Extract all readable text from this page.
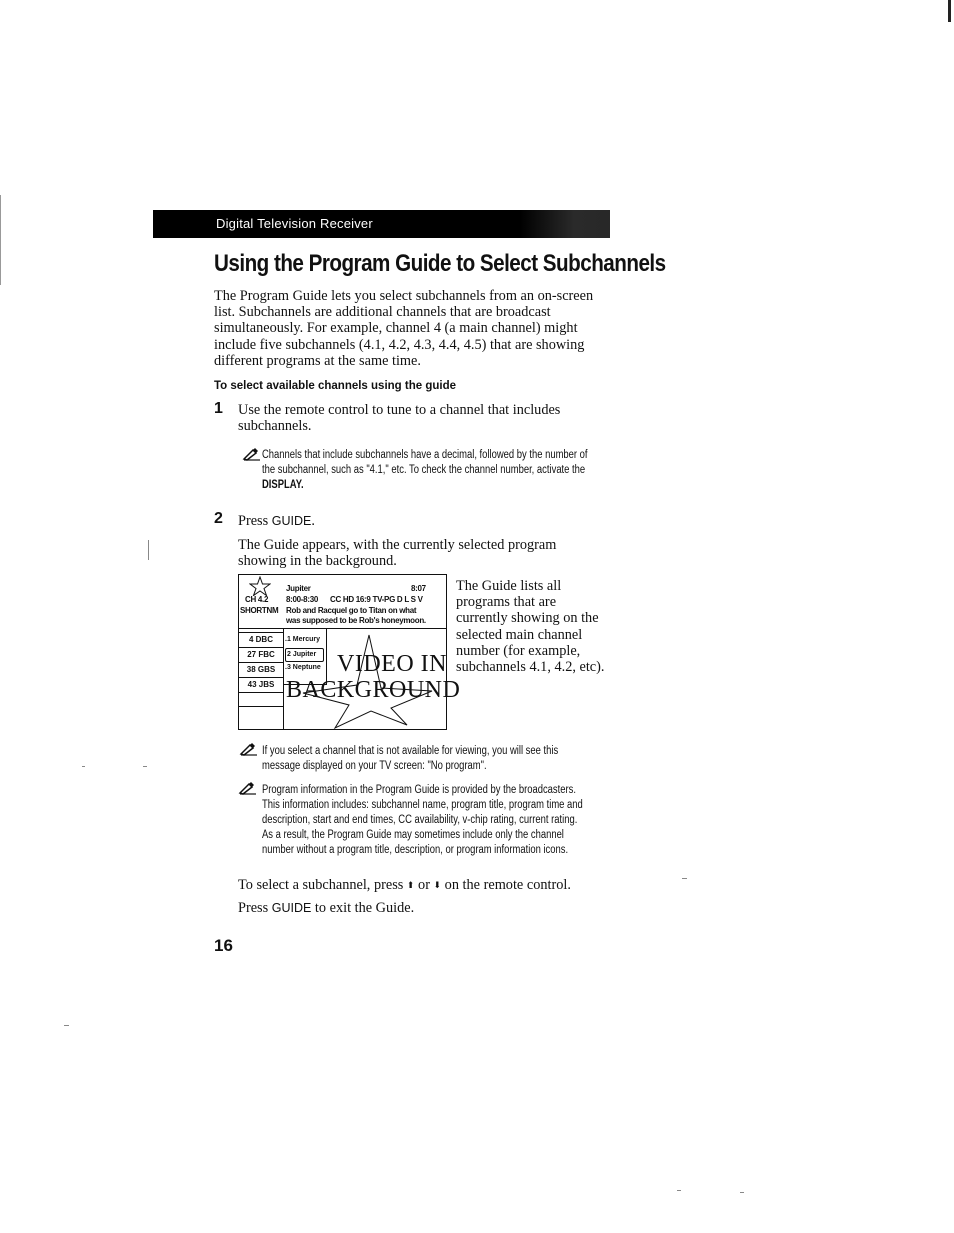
Digital Television Receiver
Using the Program Guide to Select Subchannels
The Program Guide lets you select subchannels from an on-screen
list. Subchannels are additional channels that are broadcast
simultaneously. For example, channel 4 (a main channel) might
include five subchannels (4.1, 4.2, 4.3, 4.4, 4.5) that are showing
different programs at the same time.
To select available channels using the guide
1 Use the remote control to tune to a channel that includes
subchannels.
Channels that include subchannels have a decimal, followed by the number of
the subchannel, such as "4.1," etc. To check the channel number, activate the
DISPLAY.
2 Press GUIDE.
The Guide appears, with the currently selected program
showing in the background.
Jupiter	8:07
CH 4.2 8:00-8:30 CC HD 16:9 TV-PG D L S V
SHORTNM Rob and Racquel go to Titan on what
was supposed to be Rob's honeymoon.
4 DBC
27 FBC
38 GBS
43 JBS
.1 Mercury
2 Jupiter
.3 Neptune VIDEO IN
BACKGROUND
The Guide lists all
programs that are
currently showing on the
selected main channel
number (for example,
subchannels 4.1, 4.2, etc).
If you select a channel that is not available for viewing, you will see this
message displayed on your TV screen: "No program".
Program information in the Program Guide is provided by the broadcasters.
This information includes: subchannel name, program title, program time and
description, start and end times, CC availability, v-chip rating, current rating.
As a result, the Program Guide may sometimes include only the channel
number without a program title, description, or program information icons.
To select a subchannel, press ⬆ or ⬇ on the remote control.
Press GUIDE to exit the Guide.
16
